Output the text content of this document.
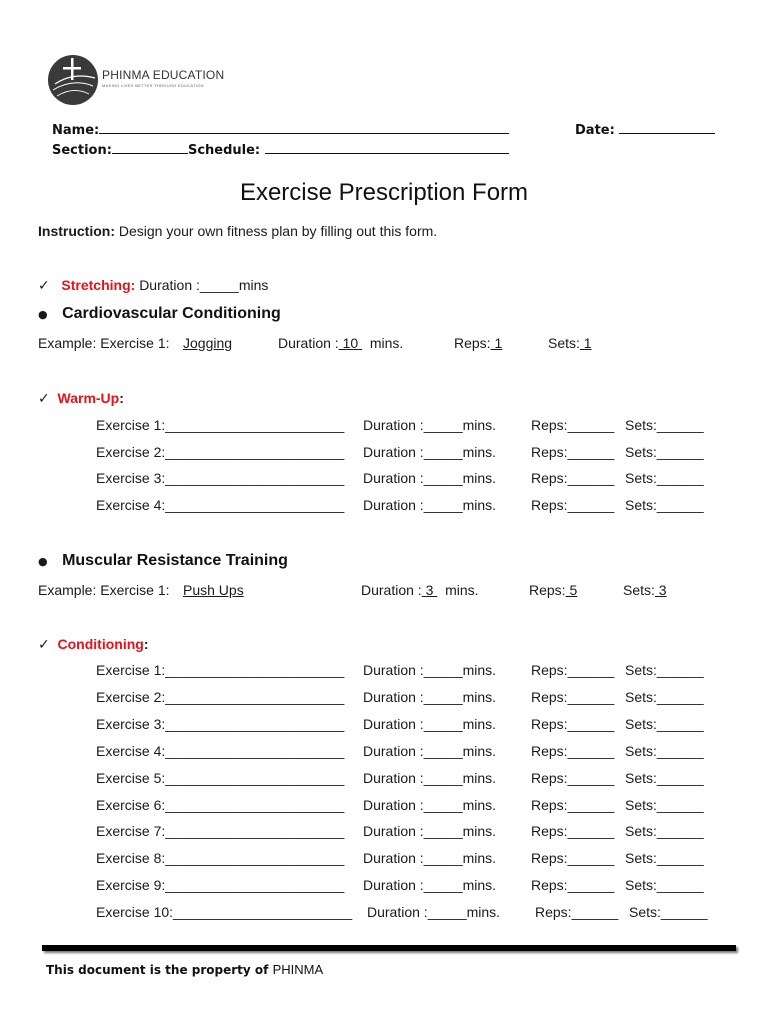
PHINMA EDUCATION
MAKING LIVES BETTER THROUGH EDUCATION
Name:	Date:
Section:	Schedule:
Exercise Prescription Form
Instruction: Design your own fitness plan by filling out this form.
✓ Stretching: Duration :_____mins
● Cardiovascular Conditioning
Example: Exercise 1: Jogging	Duration : 10   mins.	Reps: 1	Sets: 1
✓ Warm-Up:
Exercise 1:_______________________ Duration :_____mins. Reps:______ Sets:______
Exercise 2:_______________________ Duration :_____mins. Reps:______ Sets:______
Exercise 3:_______________________ Duration :_____mins. Reps:______ Sets:______
Exercise 4:_______________________ Duration :_____mins. Reps:______ Sets:______
● Muscular Resistance Training
Example: Exercise 1: Push Ups	Duration : 3   mins.	Reps: 5	Sets: 3
✓ Conditioning:
Exercise 1:_______________________ Duration :_____mins. Reps:______ Sets:______
Exercise 2:_______________________ Duration :_____mins. Reps:______ Sets:______
Exercise 3:_______________________ Duration :_____mins. Reps:______ Sets:______
Exercise 4:_______________________ Duration :_____mins. Reps:______ Sets:______
Exercise 5:_______________________ Duration :_____mins. Reps:______ Sets:______
Exercise 6:_______________________ Duration :_____mins. Reps:______ Sets:______
Exercise 7:_______________________ Duration :_____mins. Reps:______ Sets:______
Exercise 8:_______________________ Duration :_____mins. Reps:______ Sets:______
Exercise 9:_______________________ Duration :_____mins. Reps:______ Sets:______
Exercise 10:_______________________ Duration :_____mins. Reps:______ Sets:______
This document is the property of PHINMA
